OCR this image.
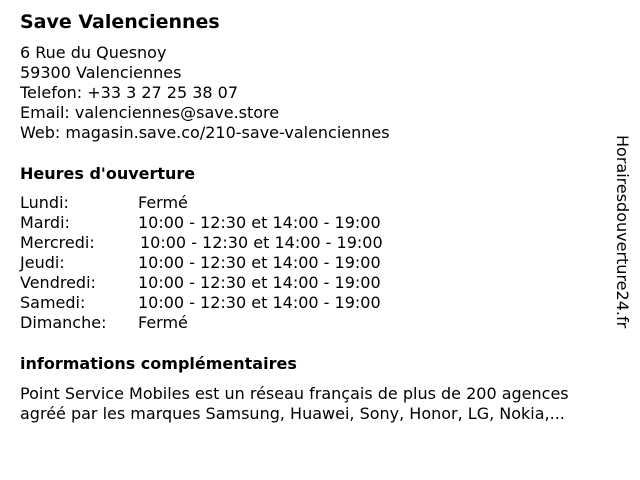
Save Valenciennes
6 Rue du Quesnoy
59300 Valenciennes
Telefon: +33 3 27 25 38 07
Email: valenciennes@save.store
Web: magasin.save.co/210-save-valenciennes
Heures d'ouverture
Lundi:	Fermé
Mardi:	10:00 - 12:30 et 14:00 - 19:00
Mercredi:	10:00 - 12:30 et 14:00 - 19:00
Jeudi:	10:00 - 12:30 et 14:00 - 19:00
Vendredi:	10:00 - 12:30 et 14:00 - 19:00
Samedi:	10:00 - 12:30 et 14:00 - 19:00
Dimanche: Fermé
informations complémentaires
Point Service Mobiles est un réseau français de plus de 200 agences
agréé par les marques Samsung, Huawei, Sony, Honor, LG, Nokia,...
Horairesdouverture24.fr
